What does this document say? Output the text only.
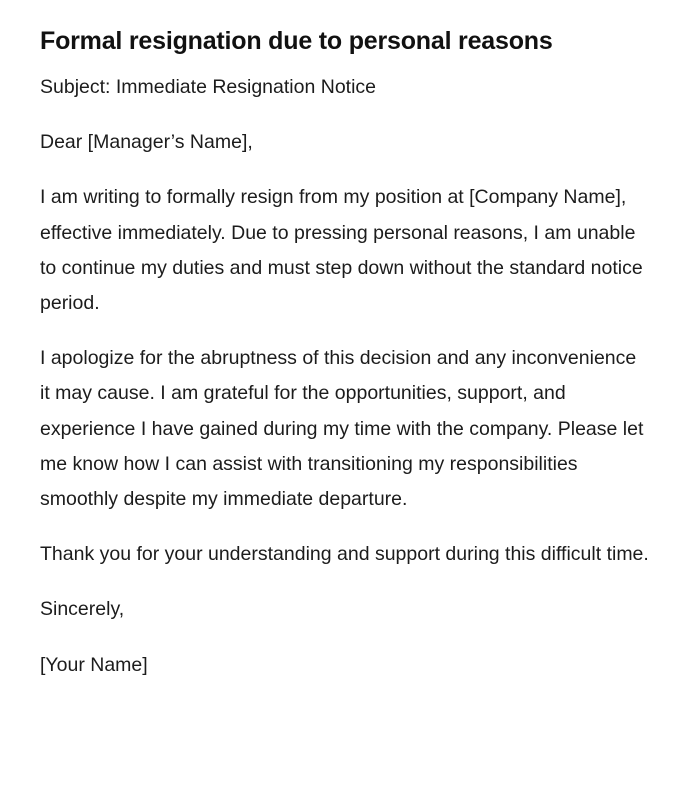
Formal resignation due to personal reasons

Subject: Immediate Resignation Notice

Dear [Manager’s Name],

I am writing to formally resign from my position at [Company Name], effective immediately. Due to pressing personal reasons, I am unable to continue my duties and must step down without the standard notice period.

I apologize for the abruptness of this decision and any inconvenience it may cause. I am grateful for the opportunities, support, and experience I have gained during my time with the company. Please let me know how I can assist with transitioning my responsibilities smoothly despite my immediate departure.

Thank you for your understanding and support during this difficult time.

Sincerely,

[Your Name]
